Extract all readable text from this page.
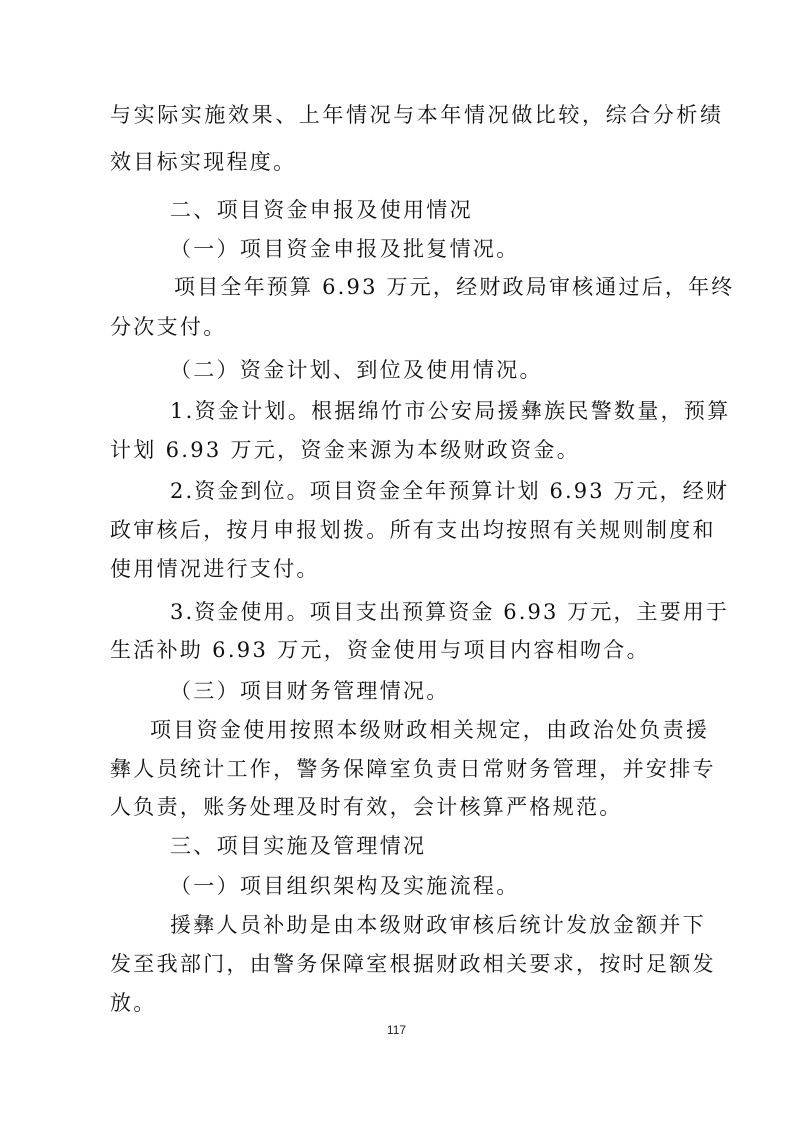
与实际实施效果、上年情况与本年情况做比较，综合分析绩
效目标实现程度。
二、项目资金申报及使用情况
（一）项目资金申报及批复情况。
项目全年预算 6.93 万元，经财政局审核通过后，年终
分次支付。
（二）资金计划、到位及使用情况。
1.资金计划。根据绵竹市公安局援彝族民警数量，预算
计划 6.93 万元，资金来源为本级财政资金。
2.资金到位。项目资金全年预算计划 6.93 万元，经财
政审核后，按月申报划拨。所有支出均按照有关规则制度和
使用情况进行支付。
3.资金使用。项目支出预算资金 6.93 万元，主要用于
生活补助 6.93 万元，资金使用与项目内容相吻合。
（三）项目财务管理情况。
项目资金使用按照本级财政相关规定，由政治处负责援
彝人员统计工作，警务保障室负责日常财务管理，并安排专
人负责，账务处理及时有效，会计核算严格规范。
三、项目实施及管理情况
（一）项目组织架构及实施流程。
援彝人员补助是由本级财政审核后统计发放金额并下
发至我部门，由警务保障室根据财政相关要求，按时足额发
放。
117
